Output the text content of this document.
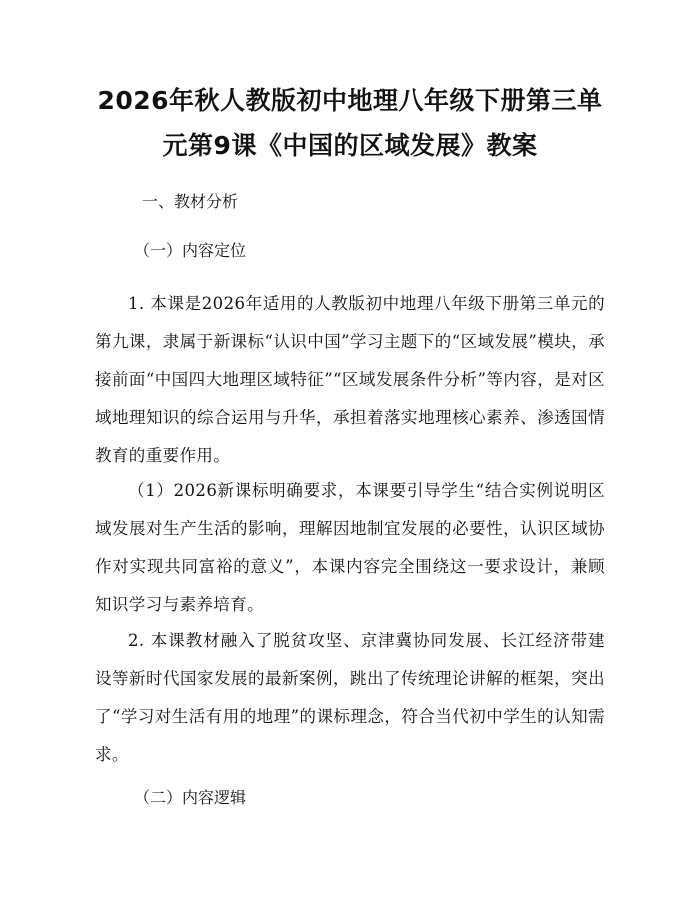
2026年秋人教版初中地理八年级下册第三单元第9课《中国的区域发展》教案
一、教材分析
（一）内容定位
1. 本课是2026年适用的人教版初中地理八年级下册第三单元的第九课，隶属于新课标“认识中国”学习主题下的“区域发展”模块，承接前面“中国四大地理区域特征”“区域发展条件分析”等内容，是对区域地理知识的综合运用与升华，承担着落实地理核心素养、渗透国情教育的重要作用。
（1）2026新课标明确要求，本课要引导学生“结合实例说明区域发展对生产生活的影响，理解因地制宜发展的必要性，认识区域协作对实现共同富裕的意义”，本课内容完全围绕这一要求设计，兼顾知识学习与素养培育。
2. 本课教材融入了脱贫攻坚、京津冀协同发展、长江经济带建设等新时代国家发展的最新案例，跳出了传统理论讲解的框架，突出了“学习对生活有用的地理”的课标理念，符合当代初中学生的认知需求。
（二）内容逻辑
